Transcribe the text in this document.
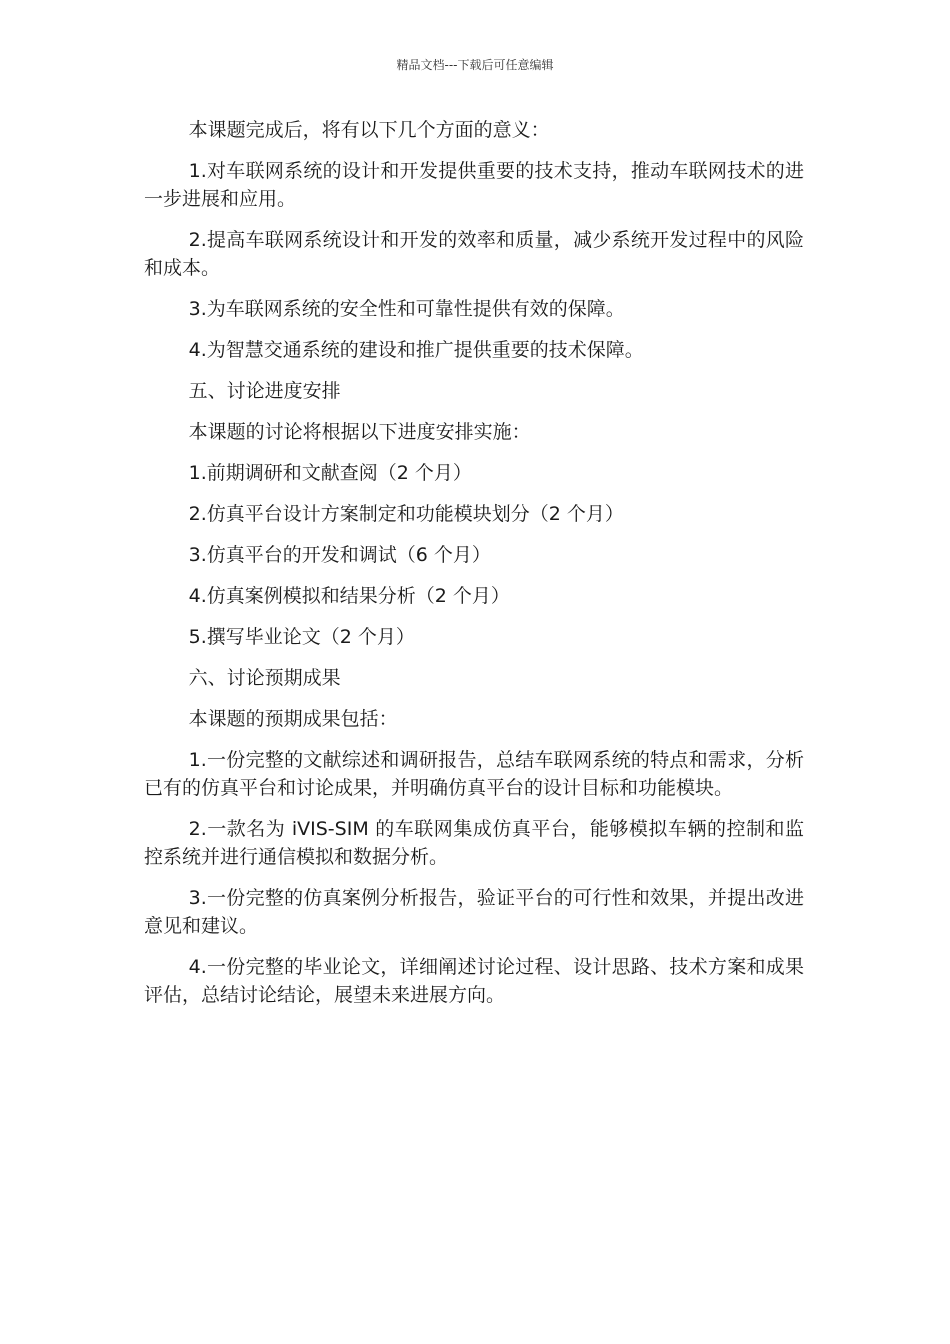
精品文档---下载后可任意编辑

本课题完成后，将有以下几个方面的意义：

1.对车联网系统的设计和开发提供重要的技术支持，推动车联网技术的进一步进展和应用。

2.提高车联网系统设计和开发的效率和质量，减少系统开发过程中的风险和成本。

3.为车联网系统的安全性和可靠性提供有效的保障。

4.为智慧交通系统的建设和推广提供重要的技术保障。

五、讨论进度安排

本课题的讨论将根据以下进度安排实施：

1.前期调研和文献查阅（2 个月）

2.仿真平台设计方案制定和功能模块划分（2 个月）

3.仿真平台的开发和调试（6 个月）

4.仿真案例模拟和结果分析（2 个月）

5.撰写毕业论文（2 个月）

六、讨论预期成果

本课题的预期成果包括：

1.一份完整的文献综述和调研报告，总结车联网系统的特点和需求，分析已有的仿真平台和讨论成果，并明确仿真平台的设计目标和功能模块。

2.一款名为 iVIS-SIM 的车联网集成仿真平台，能够模拟车辆的控制和监控系统并进行通信模拟和数据分析。

3.一份完整的仿真案例分析报告，验证平台的可行性和效果，并提出改进意见和建议。

4.一份完整的毕业论文，详细阐述讨论过程、设计思路、技术方案和成果评估，总结讨论结论，展望未来进展方向。
